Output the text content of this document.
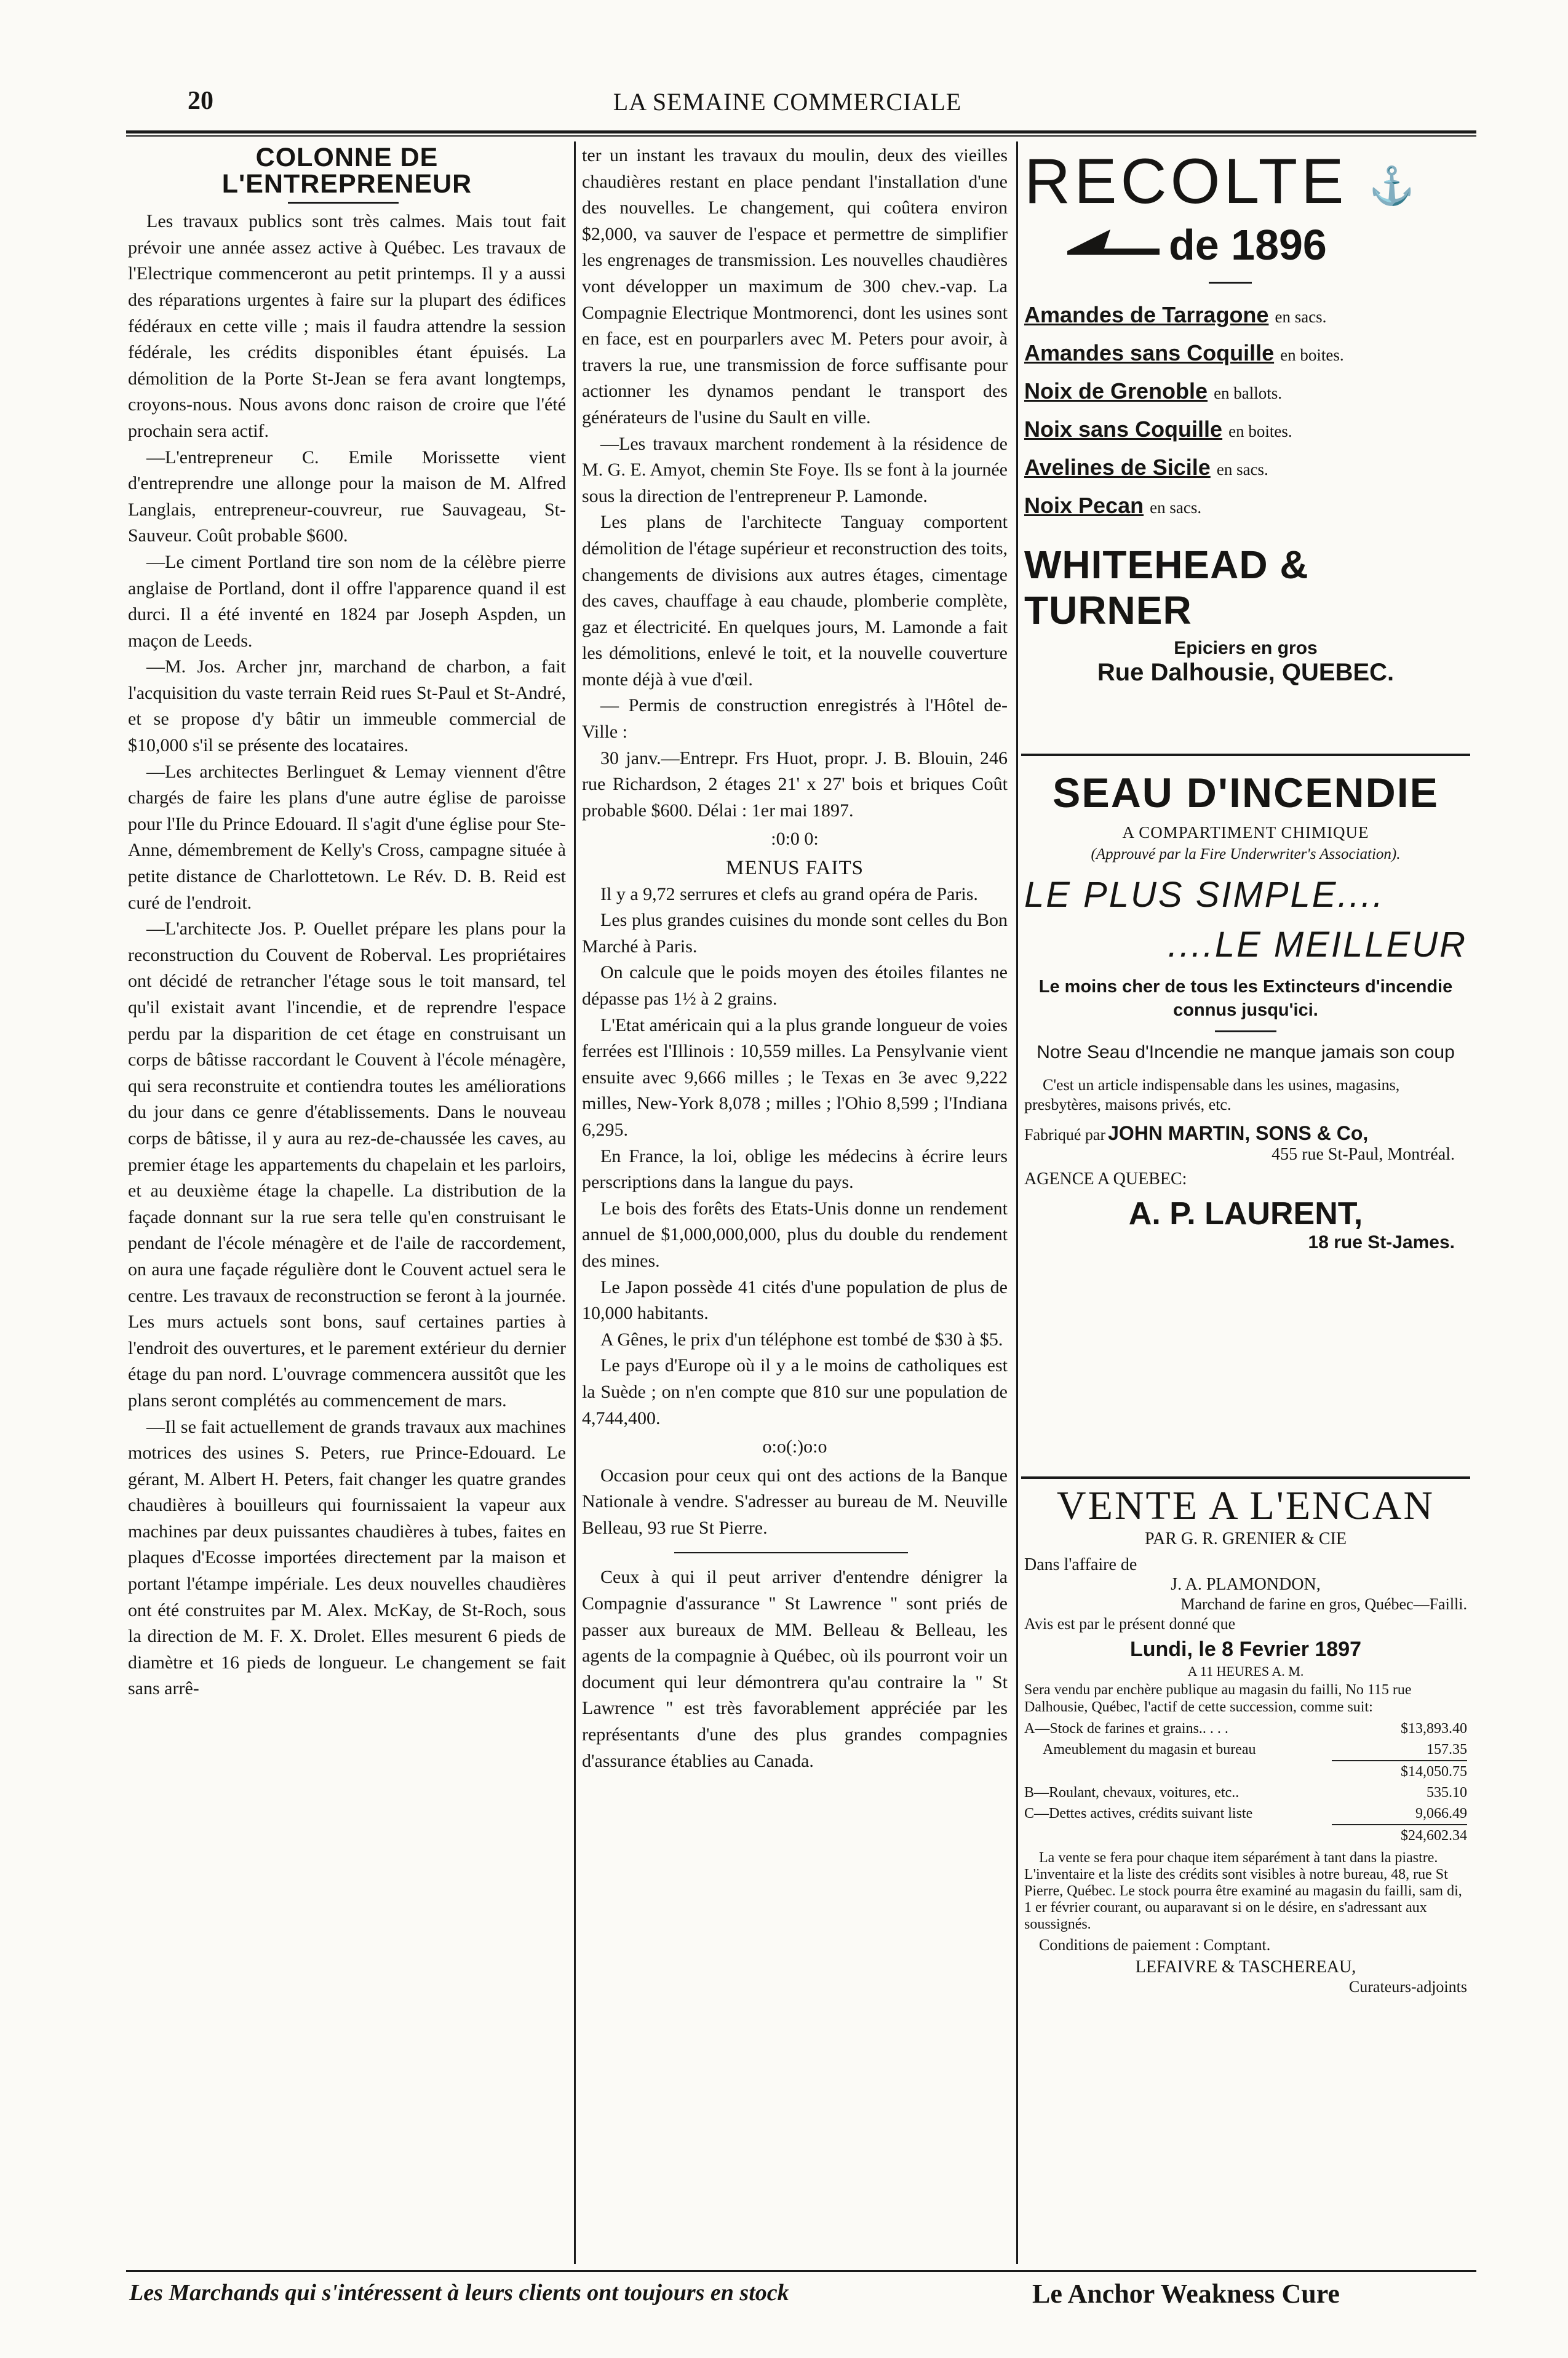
20	LA SEMAINE COMMERCIALE
COLONNE DE L'ENTREPRENEUR

Les travaux publics sont très calmes. Mais tout fait prévoir une année assez active à Québec. Les travaux de l'Electrique commenceront au petit printemps. Il y a aussi des réparations urgentes à faire sur la plupart des édifices fédéraux en cette ville ; mais il faudra attendre la session fédérale, les crédits disponibles étant épuisés. La démolition de la Porte St-Jean se fera avant longtemps, croyons-nous. Nous avons donc raison de croire que l'été prochain sera actif.

—L'entrepreneur C. Emile Morissette vient d'entreprendre une allonge pour la maison de M. Alfred Langlais, entrepreneur-couvreur, rue Sauvageau, St-Sauveur. Coût probable $600.

—Le ciment Portland tire son nom de la célèbre pierre anglaise de Portland, dont il offre l'apparence quand il est durci. Il a été inventé en 1824 par Joseph Aspden, un maçon de Leeds.

—M. Jos. Archer jnr, marchand de charbon, a fait l'acquisition du vaste terrain Reid rues St-Paul et St-André, et se propose d'y bâtir un immeuble commercial de $10,000 s'il se présente des locataires.

—Les architectes Berlinguet & Lemay viennent d'être chargés de faire les plans d'une autre église de paroisse pour l'Ile du Prince Edouard. Il s'agit d'une église pour Ste-Anne, démembrement de Kelly's Cross, campagne située à petite distance de Charlottetown. Le Rév. D. B. Reid est curé de l'endroit.

—L'architecte Jos. P. Ouellet prépare les plans pour la reconstruction du Couvent de Roberval. Les propriétaires ont décidé de retrancher l'étage sous le toit mansard, tel qu'il existait avant l'incendie, et de reprendre l'espace perdu par la disparition de cet étage en construisant un corps de bâtisse raccordant le Couvent à l'école ménagère, qui sera reconstruite et contiendra toutes les améliorations du jour dans ce genre d'établissements. Dans le nouveau corps de bâtisse, il y aura au rez-de-chaussée les caves, au premier étage les appartements du chapelain et les parloirs, et au deuxième étage la chapelle. La distribution de la façade donnant sur la rue sera telle qu'en construisant le pendant de l'école ménagère et de l'aile de raccordement, on aura une façade régulière dont le Couvent actuel sera le centre. Les travaux de reconstruction se feront à la journée. Les murs actuels sont bons, sauf certaines parties à l'endroit des ouvertures, et le parement extérieur du dernier étage du pan nord. L'ouvrage commencera aussitôt que les plans seront complétés au commencement de mars.

—Il se fait actuellement de grands travaux aux machines motrices des usines S. Peters, rue Prince-Edouard. Le gérant, M. Albert H. Peters, fait changer les quatre grandes chaudières à bouilleurs qui fournissaient la vapeur aux machines par deux puissantes chaudières à tubes, faites en plaques d'Ecosse importées directement par la maison et portant l'étampe impériale. Les deux nouvelles chaudières ont été construites par M. Alex. McKay, de St-Roch, sous la direction de M. F. X. Drolet. Elles mesurent 6 pieds de diamètre et 16 pieds de longueur. Le changement se fait sans arrê-

ter un instant les travaux du moulin, deux des vieilles chaudières restant en place pendant l'installation d'une des nouvelles. Le changement, qui coûtera environ $2,000, va sauver de l'espace et permettre de simplifier les engrenages de transmission. Les nouvelles chaudières vont développer un maximum de 300 chev.-vap. La Compagnie Electrique Montmorenci, dont les usines sont en face, est en pourparlers avec M. Peters pour avoir, à travers la rue, une transmission de force suffisante pour actionner les dynamos pendant le transport des générateurs de l'usine du Sault en ville.

—Les travaux marchent rondement à la résidence de M. G. E. Amyot, chemin Ste Foye. Ils se font à la journée sous la direction de l'entrepreneur P. Lamonde.

Les plans de l'architecte Tanguay comportent démolition de l'étage supérieur et reconstruction des toits, changements de divisions aux autres étages, cimentage des caves, chauffage à eau chaude, plomberie complète, gaz et électricité. En quelques jours, M. Lamonde a fait les démolitions, enlevé le toit, et la nouvelle couverture monte déjà à vue d'œil.

— Permis de construction enregistrés à l'Hôtel de-Ville :

30 janv.—Entrepr. Frs Huot, propr. J. B. Blouin, 246 rue Richardson, 2 étages 21' x 27' bois et briques Coût probable $600. Délai : 1er mai 1897.

:0:0 0:
MENUS FAITS

Il y a 9,72 serrures et clefs au grand opéra de Paris.

Les plus grandes cuisines du monde sont celles du Bon Marché à Paris.

On calcule que le poids moyen des étoiles filantes ne dépasse pas 1½ à 2 grains.

L'Etat américain qui a la plus grande longueur de voies ferrées est l'Illinois : 10,559 milles. La Pensylvanie vient ensuite avec 9,666 milles ; le Texas en 3e avec 9,222 milles, New-York 8,078 ; milles ; l'Ohio 8,599 ; l'Indiana 6,295.

En France, la loi, oblige les médecins à écrire leurs perscriptions dans la langue du pays.

Le bois des forêts des Etats-Unis donne un rendement annuel de $1,000,000,000, plus du double du rendement des mines.

Le Japon possède 41 cités d'une population de plus de 10,000 habitants.

A Gênes, le prix d'un téléphone est tombé de $30 à $5.

Le pays d'Europe où il y a le moins de catholiques est la Suède ; on n'en compte que 810 sur une population de 4,744,400.

o:o(:)o:o

Occasion pour ceux qui ont des actions de la Banque Nationale à vendre. S'adresser au bureau de M. Neuville Belleau, 93 rue St Pierre.

Ceux à qui il peut arriver d'entendre dénigrer la Compagnie d'assurance " St Lawrence " sont priés de passer aux bureaux de MM. Belleau & Belleau, les agents de la compagnie à Québec, où ils pourront voir un document qui leur démontrera qu'au contraire la " St Lawrence " est très favorablement appréciée par les représentants d'une des plus grandes compagnies d'assurance établies au Canada.

RECOLTE ⚓
de 1896
Amandes de Tarragone en sacs.
Amandes sans Coquille en boites.
Noix de Grenoble en ballots.
Noix sans Coquille en boites.
Avelines de Sicile en sacs.
Noix Pecan en sacs.
WHITEHEAD & TURNER
Epiciers en gros
Rue Dalhousie, QUEBEC.
SEAU D'INCENDIE
A COMPARTIMENT CHIMIQUE
(Approuvé par la Fire Underwriter's Association).
LE PLUS SIMPLE....
....LE MEILLEUR
Le moins cher de tous les Extincteurs d'incendie connus jusqu'ici.
Notre Seau d'Incendie ne manque jamais son coup
C'est un article indispensable dans les usines, magasins, presbytères, maisons privés, etc.
Fabriqué par JOHN MARTIN, SONS & Co,
455 rue St-Paul, Montréal.
AGENCE A QUEBEC:
A. P. LAURENT,
18 rue St-James.
VENTE A L'ENCAN
PAR G. R. GRENIER & CIE
Dans l'affaire de
J. A. PLAMONDON,
Marchand de farine en gros, Québec—Failli.
Avis est par le présent donné que
Lundi, le 8 Fevrier 1897
A 11 HEURES A. M.
Sera vendu par enchère publique au magasin du failli, No 115 rue Dalhousie, Québec, l'actif de cette succession, comme suit:
A—Stock de farines et grains.. . . .	$13,893.40
Ameublement du magasin et bureau	157.35
$14,050.75
B—Roulant, chevaux, voitures, etc..	535.10
C—Dettes actives, crédits suivant liste	9,066.49
$24,602.34
La vente se fera pour chaque item séparément à tant dans la piastre. L'inventaire et la liste des crédits sont visibles à notre bureau, 48, rue St Pierre, Québec. Le stock pourra être examiné au magasin du failli, sam di, 1 er février courant, ou auparavant si on le désire, en s'adressant aux soussignés.
Conditions de paiement : Comptant.
LEFAIVRE & TASCHEREAU,
Curateurs-adjoints
Les Marchands qui s'intéressent à leurs clients ont toujours en stock	Le Anchor Weakness Cure
